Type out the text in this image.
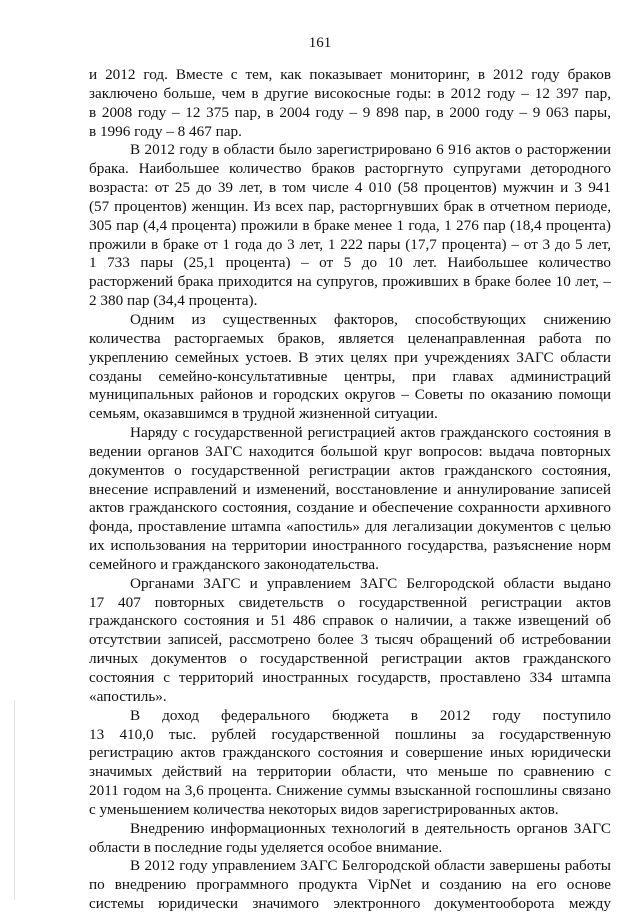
161
и 2012 год. Вместе с тем, как показывает мониторинг, в 2012 году браков
заключено больше, чем в другие високосные годы: в 2012 году – 12 397 пар,
в 2008 году – 12 375 пар, в 2004 году – 9 898 пар, в 2000 году – 9 063 пары,
в 1996 году – 8 467 пар.
В 2012 году в области было зарегистрировано 6 916 актов о расторжении
брака. Наибольшее количество браков расторгнуто супругами детородного
возраста: от 25 до 39 лет, в том числе 4 010 (58 процентов) мужчин и 3 941
(57 процентов) женщин. Из всех пар, расторгнувших брак в отчетном периоде,
305 пар (4,4 процента) прожили в браке менее 1 года, 1 276 пар (18,4 процента)
прожили в браке от 1 года до 3 лет, 1 222 пары (17,7 процента) – от 3 до 5 лет,
1 733 пары (25,1 процента) – от 5 до 10 лет. Наибольшее количество
расторжений брака приходится на супругов, проживших в браке более 10 лет, –
2 380 пар (34,4 процента).
Одним из существенных факторов, способствующих снижению
количества расторгаемых браков, является целенаправленная работа по
укреплению семейных устоев. В этих целях при учреждениях ЗАГС области
созданы семейно-консультативные центры, при главах администраций
муниципальных районов и городских округов – Советы по оказанию помощи
семьям, оказавшимся в трудной жизненной ситуации.
Наряду с государственной регистрацией актов гражданского состояния в
ведении органов ЗАГС находится большой круг вопросов: выдача повторных
документов о государственной регистрации актов гражданского состояния,
внесение исправлений и изменений, восстановление и аннулирование записей
актов гражданского состояния, создание и обеспечение сохранности архивного
фонда, проставление штампа «апостиль» для легализации документов с целью
их использования на территории иностранного государства, разъяснение норм
семейного и гражданского законодательства.
Органами ЗАГС и управлением ЗАГС Белгородской области выдано
17 407 повторных свидетельств о государственной регистрации актов
гражданского состояния и 51 486 справок о наличии, а также извещений об
отсутствии записей, рассмотрено более 3 тысяч обращений об истребовании
личных документов о государственной регистрации актов гражданского
состояния с территорий иностранных государств, проставлено 334 штампа
«апостиль».
В доход федерального бюджета в 2012 году поступило
13 410,0 тыс. рублей государственной пошлины за государственную
регистрацию актов гражданского состояния и совершение иных юридически
значимых действий на территории области, что меньше по сравнению с
2011 годом на 3,6 процента. Снижение суммы взысканной госпошлины связано
с уменьшением количества некоторых видов зарегистрированных актов.
Внедрению информационных технологий в деятельность органов ЗАГС
области в последние годы уделяется особое внимание.
В 2012 году управлением ЗАГС Белгородской области завершены работы
по внедрению программного продукта VipNet и созданию на его основе
системы юридически значимого электронного документооборота между
